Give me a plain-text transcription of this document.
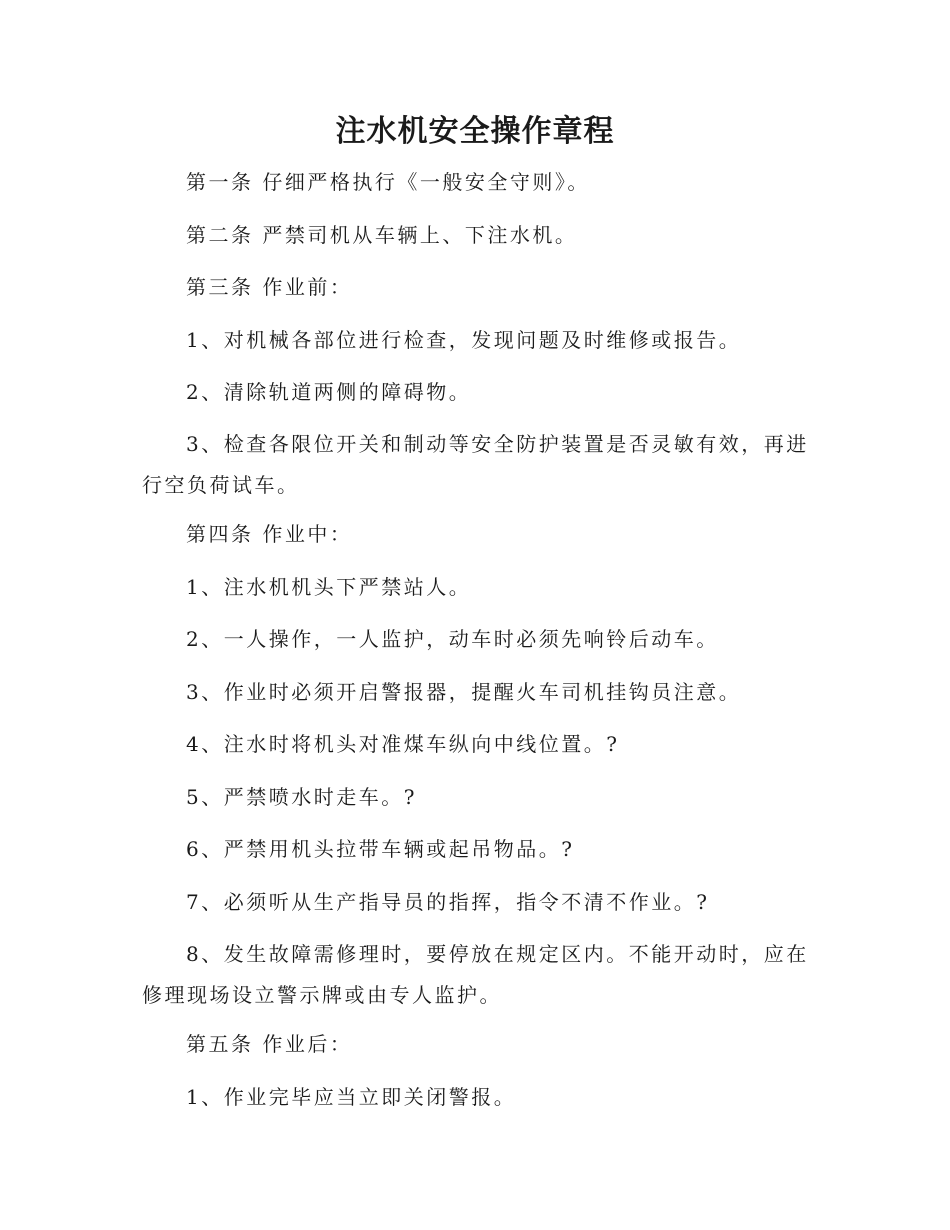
注水机安全操作章程

第一条 仔细严格执行《一般安全守则》。

第二条 严禁司机从车辆上、下注水机。

第三条 作业前：

1、对机械各部位进行检查，发现问题及时维修或报告。

2、清除轨道两侧的障碍物。

3、检查各限位开关和制动等安全防护装置是否灵敏有效，再进行空负荷试车。

第四条 作业中：

1、注水机机头下严禁站人。

2、一人操作，一人监护，动车时必须先响铃后动车。

3、作业时必须开启警报器，提醒火车司机挂钩员注意。

4、注水时将机头对准煤车纵向中线位置。?

5、严禁喷水时走车。?

6、严禁用机头拉带车辆或起吊物品。?

7、必须听从生产指导员的指挥，指令不清不作业。?

8、发生故障需修理时，要停放在规定区内。不能开动时，应在修理现场设立警示牌或由专人监护。

第五条 作业后：

1、作业完毕应当立即关闭警报。
